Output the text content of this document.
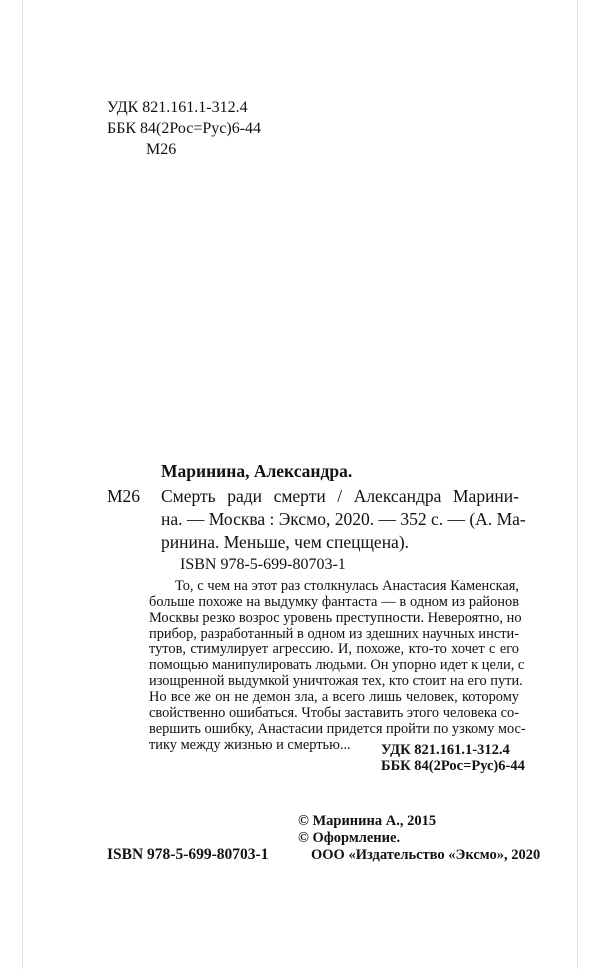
УДК 821.161.1-312.4
ББК 84(2Рос=Рус)6-44
М26
Маринина, Александра.
М26 Смерть ради смерти / Александра Марини-
на. — Москва : Эксмо, 2020. — 352 с. — (А. Ма-
ринина. Меньше, чем спецщена).
ISBN 978-5-699-80703-1
То, с чем на этот раз столкнулась Анастасия Каменская,
больше похоже на выдумку фантаста — в одном из районов
Москвы резко возрос уровень преступности. Невероятно, но
прибор, разработанный в одном из здешних научных инсти-
тутов, стимулирует агрессию. И, похоже, кто-то хочет с его
помощью манипулировать людьми. Он упорно идет к цели, с
изощренной выдумкой уничтожая тех, кто стоит на его пути.
Но все же он не демон зла, а всего лишь человек, которому
свойственно ошибаться. Чтобы заставить этого человека со-
вершить ошибку, Анастасии придется пройти по узкому мос-
тику между жизнью и смертью...	УДК 821.161.1-312.4
ББК 84(2Рос=Рус)6-44
© Маринина А., 2015
© Оформление.
ISBN 978-5-699-80703-1	ООО «Издательство «Эксмо», 2020
